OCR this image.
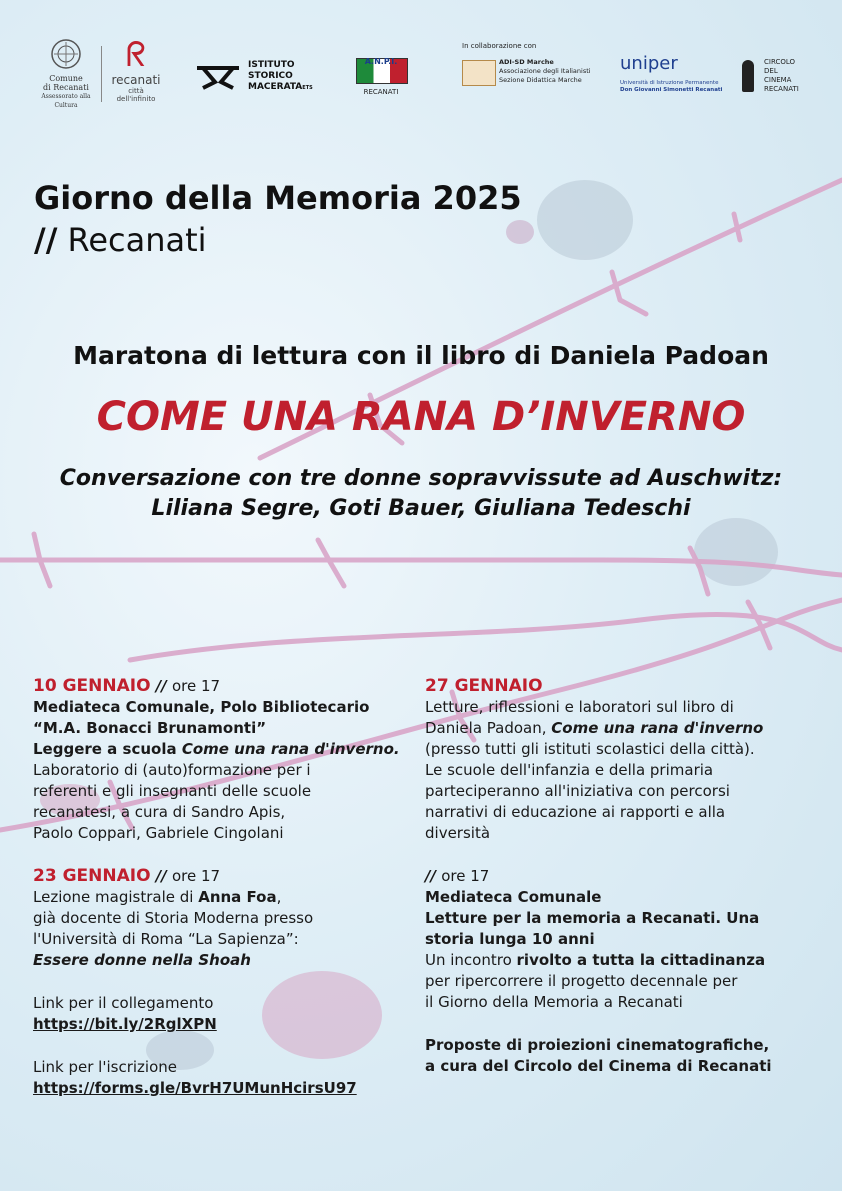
Comune
di Recanati
Assessorato alla Cultura
ᖇ
recanati
città dell'infinito
ISTITUTO
STORICO
MACERATAETS
A.N.P.I.
RECANATI
In collaborazione con
ADI-SD Marche
Associazione degli Italianisti
Sezione Didattica Marche
uniper
Università di Istruzione Permanente
Don Giovanni Simonetti Recanati
CIRCOLO
DEL
CINEMA
RECANATI
Giorno della Memoria 2025
// Recanati
Maratona di lettura con il libro di Daniela Padoan
COME UNA RANA D’INVERNO
Conversazione con tre donne sopravvissute ad Auschwitz:
Liliana Segre, Goti Bauer, Giuliana Tedeschi
10 GENNAIO // ore 17
Mediateca Comunale, Polo Bibliotecario
“M.A. Bonacci Brunamonti”
Leggere a scuola Come una rana d'inverno.
Laboratorio di (auto)formazione per i
referenti e gli insegnanti delle scuole
recanatesi, a cura di Sandro Apis,
Paolo Coppari, Gabriele Cingolani
23 GENNAIO // ore 17
Lezione magistrale di Anna Foa,
già docente di Storia Moderna presso
l'Università di Roma “La Sapienza”:
Essere donne nella Shoah
Link per il collegamento
https://bit.ly/2RglXPN
Link per l'iscrizione
https://forms.gle/BvrH7UMunHcirsU97
27 GENNAIO
Letture, riflessioni e laboratori sul libro di
Daniela Padoan, Come una rana d'inverno
(presso tutti gli istituti scolastici della città).
Le scuole dell'infanzia e della primaria
parteciperanno all'iniziativa con percorsi
narrativi di educazione ai rapporti e alla
diversità
// ore 17
Mediateca Comunale
Letture per la memoria a Recanati. Una
storia lunga 10 anni
Un incontro rivolto a tutta la cittadinanza
per ripercorrere il progetto decennale per
il Giorno della Memoria a Recanati
Proposte di proiezioni cinematografiche,
a cura del Circolo del Cinema di Recanati
